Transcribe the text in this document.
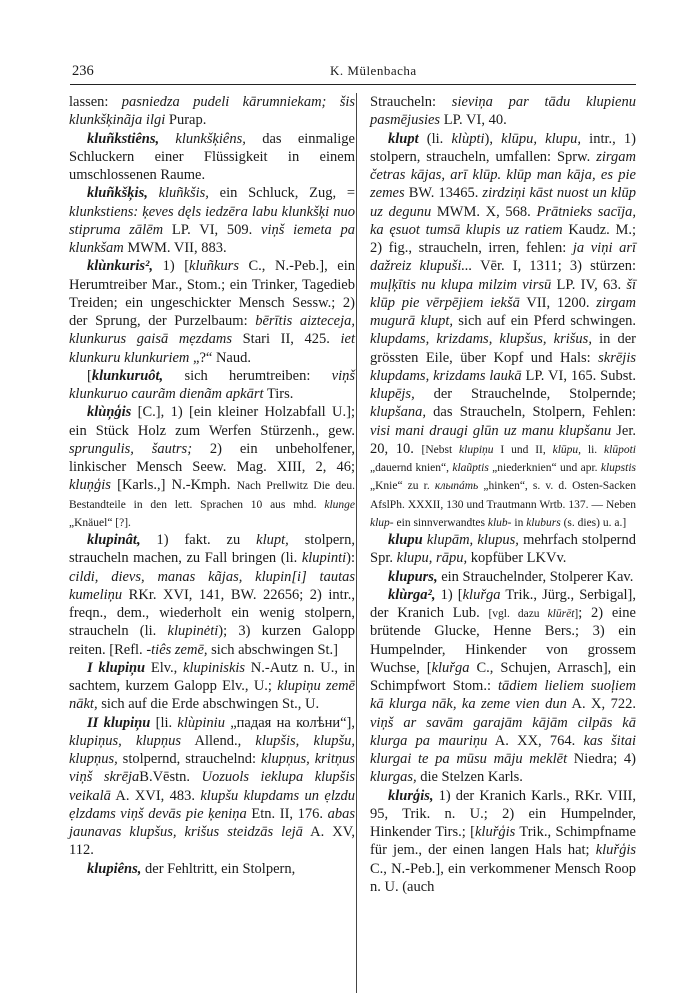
236	K. Mülenbacha

lassen: pasniedza pudeli kārumniekam; šis klunkšķinãja ilgi Purap.

kluñkstiêns, klunkšķiêns, das einmalige Schluckern einer Flüssigkeit in einem umschlossenen Raume.

kluñkšķis, kluñkšis, ein Schluck, Zug, = klunkstiens: ķeves dęls iedzēra labu klunkšķi nuo stipruma zālēm LP. VI, 509. viņš iemeta pa klunkšam MWM. VII, 883.

klùnkuris², 1) [kluñkurs C., N.-Peb.], ein Herumtreiber Mar., Stom.; ein Trinker, Tagedieb Treiden; ein ungeschickter Mensch Sessw.; 2) der Sprung, der Purzelbaum: bērītis aizteceja, klunkurus gaisā mẹzdams Stari II, 425. iet klunkuru klunkuriem „?“ Naud.

[klunkuruôt, sich herumtreiben: viņš klunkuruo caurãm dienãm apkārt Tirs.

klùņģis [C.], 1) [ein kleiner Holzabfall U.]; ein Stück Holz zum Werfen Stürzenh., gew. sprungulis, šautrs; 2) ein unbeholfener, linkischer Mensch Seew. Mag. XIII, 2, 46; kluņģis [Karls.,] N.-Kmph. Nach Prellwitz Die deu. Bestandteile in den lett. Sprachen 10 aus mhd. klunge „Knäuel“ [?].

klupinât, 1) fakt. zu klupt, stolpern, straucheln machen, zu Fall bringen (li. klupinti): cildi, dievs, manas kãjas, klupin[i] tautas kumeliņu RKr. XVI, 141, BW. 22656; 2) intr., freqn., dem., wiederholt ein wenig stolpern, straucheln (li. klupinėti); 3) kurzen Galopp reiten. [Refl. -tiês zemē, sich abschwingen St.]

I klupiņu Elv., klupiniskis N.-Autz n. U., in sachtem, kurzem Galopp Elv., U.; klupiņu zemē nākt, sich auf die Erde abschwingen St., U.

II klupiņu [li. klùpiniu „падая на колѣни“], klupiņus, klupņus Allend., klupšis, klupšu, klupņus, stolpernd, strauchelnd: klupņus, kritņus viņš skrējaB.Vēstn. Uozuols ieklupa klupšis veikalā A. XVI, 483. klupšu klupdams un ẹlzdu ẹlzdams viņš devās pie ķeniņa Etn. II, 176. abas jaunavas klupšus, krišus steidzās lejā A. XV, 112.

klupiêns, der Fehltritt, ein Stolpern,

Straucheln: sieviņa par tādu klupienu pasmējusies LP. VI, 40.

klupt (li. klùpti), klūpu, klupu, intr., 1) stolpern, straucheln, umfallen: Sprw. zirgam četras kājas, arī klūp. klūp man kāja, es pie zemes BW. 13465. zirdziņi kāst nuost un klūp uz degunu MWM. X, 568. Prātnieks sacīja, ka ęsuot tumsā klupis uz ratiem Kaudz. M.; 2) fig., straucheln, irren, fehlen: ja viņi arī dažreiz klupuši... Vēr. I, 1311; 3) stürzen: muļķītis nu klupa milzim virsū LP. IV, 63. šī klūp pie vērpējiem iekšā VII, 1200. zirgam mugurā klupt, sich auf ein Pferd schwingen. klupdams, krizdams, klupšus, krišus, in der grössten Eile, über Kopf und Hals: skrējis klupdams, krizdams laukā LP. VI, 165. Subst. klupējs, der Strauchelnde, Stolpernde; klupšana, das Straucheln, Stolpern, Fehlen: visi mani draugi glūn uz manu klupšanu Jer. 20, 10. [Nebst klupiņu I und II, klūpu, li. klūpoti „dauernd knien“, klaũptis „niederknien“ und apr. klupstis „Knie“ zu r. клыпáть „hinken“, s. v. d. Osten-Sacken AfslPh. XXXII, 130 und Trautmann Wrtb. 137. — Neben klup- ein sinnverwandtes klub- in kluburs (s. dies) u. a.]

klupu klupām, klupus, mehrfach stolpernd Spr. klupu, rāpu, kopfüber LKVv.

klupurs, ein Strauchelnder, Stolperer Kav.

klùrga², 1) [kluřga Trik., Jürg., Serbigal], der Kranich Lub. [vgl. dazu klūrēt]; 2) eine brütende Glucke, Henne Bers.; 3) ein Humpelnder, Hinkender von grossem Wuchse, [kluřga C., Schujen, Arrasch], ein Schimpfwort Stom.: tādiem lieliem suoļiem kā klurga nāk, ka zeme vien dun A. X, 722. viņš ar savām garajām kājām cilpās kā klurga pa mauriņu A. XX, 764. kas šitai klurgai te pa mūsu māju meklēt Niedra; 4) klurgas, die Stelzen Karls.

klurģis, 1) der Kranich Karls., RKr. VIII, 95, Trik. n. U.; 2) ein Humpelnder, Hinkender Tirs.; [kluřģis Trik., Schimpfname für jem., der einen langen Hals hat; kluřģis C., N.-Peb.], ein verkommener Mensch Roop n. U. (auch
